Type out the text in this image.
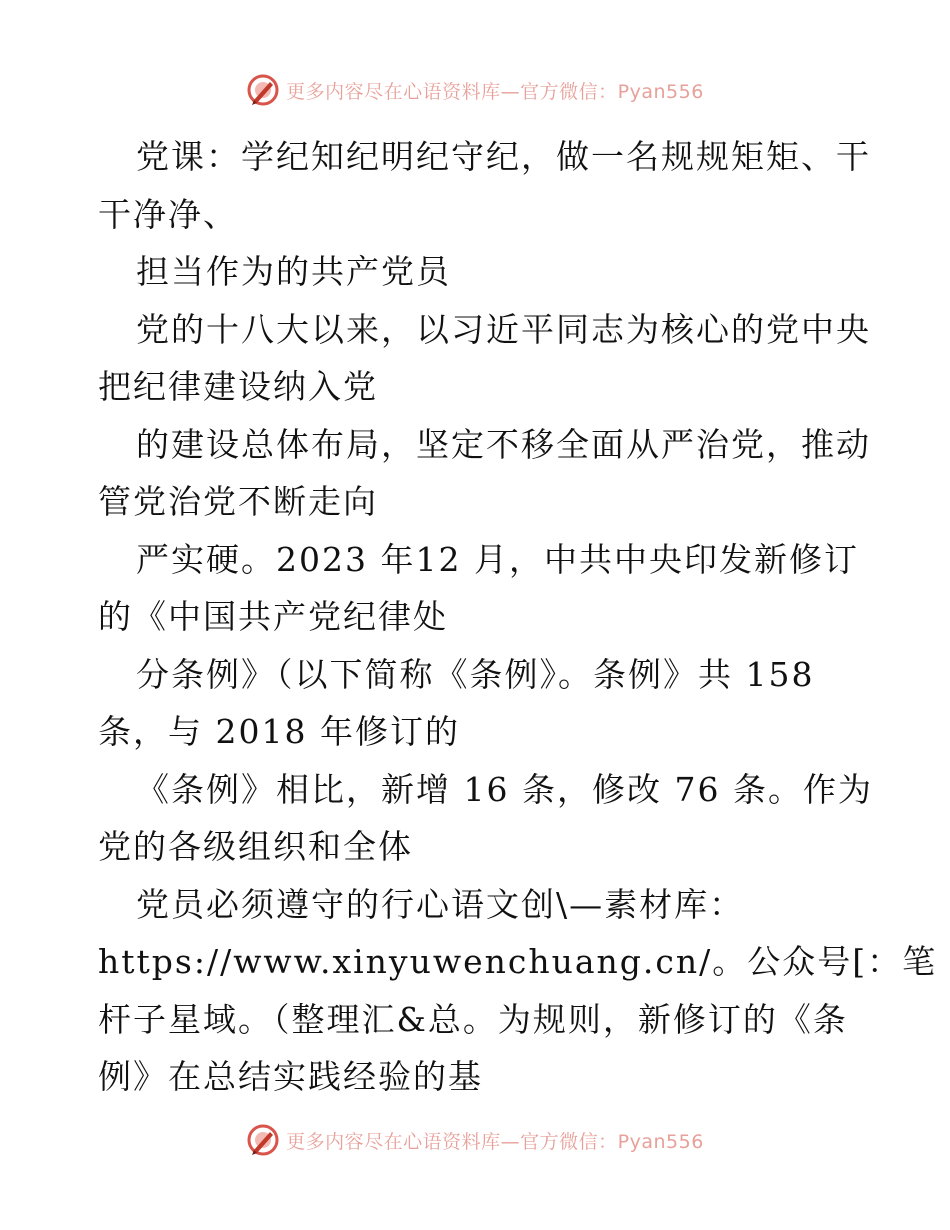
更多内容尽在心语资料库—官方微信：Pyan556
党课：学纪知纪明纪守纪，做一名规规矩矩、干
干净净、
担当作为的共产党员
党的十八大以来，以习近平同志为核心的党中央
把纪律建设纳入党
的建设总体布局，坚定不移全面从严治党，推动
管党治党不断走向
严实硬。2023 年12 月，中共中央印发新修订
的《中国共产党纪律处
分条例》（以下简称《条例》。条例》共 158
条，与 2018 年修订的
《条例》相比，新增 16 条，修改 76 条。作为
党的各级组织和全体
党员必须遵守的行心语文创\—素材库：
https://www.xinyuwenchuang.cn/。公众号[：笔
杆子星域。（整理汇&总。为规则，新修订的《条
例》在总结实践经验的基
更多内容尽在心语资料库—官方微信：Pyan556
